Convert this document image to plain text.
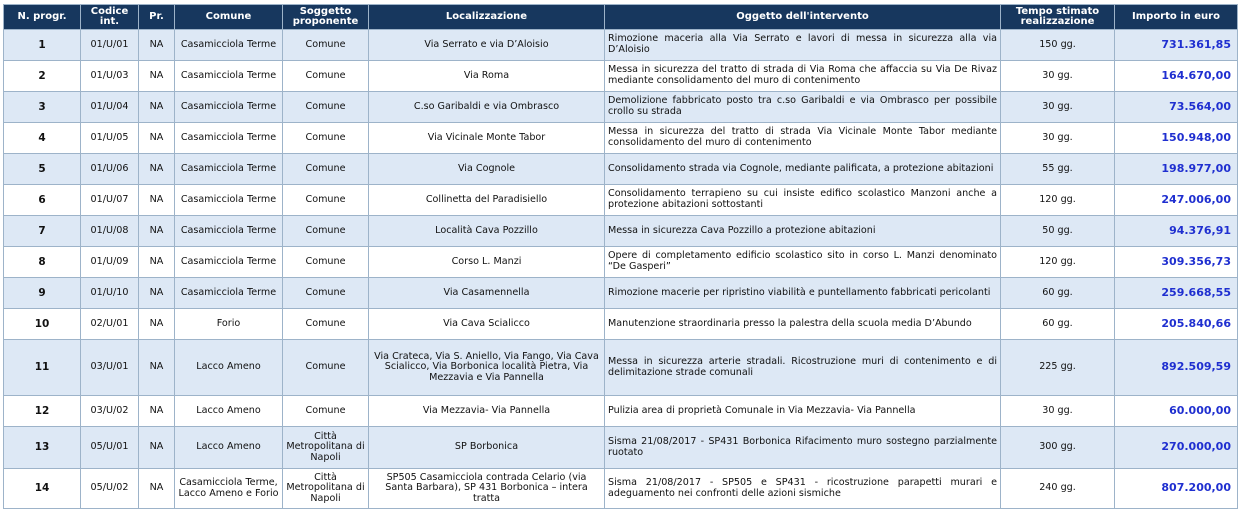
N. progr.	Codice int.	Pr.	Comune	Soggetto proponente	Localizzazione	Oggetto dell'intervento	Tempo stimato realizzazione	Importo in euro
1	01/U/01	NA	Casamicciola Terme	Comune	Via Serrato e via D’Aloisio	Rimozione maceria alla Via Serrato e lavori di messa in sicurezza alla via D’Aloisio	150 gg.	731.361,85
2	01/U/03	NA	Casamicciola Terme	Comune	Via Roma	Messa in sicurezza del tratto di strada di Via Roma che affaccia su Via De Rivaz mediante consolidamento del muro di contenimento	30 gg.	164.670,00
3	01/U/04	NA	Casamicciola Terme	Comune	C.so Garibaldi e via Ombrasco	Demolizione fabbricato posto tra c.so Garibaldi e via Ombrasco per possibile crollo su strada	30 gg.	73.564,00
4	01/U/05	NA	Casamicciola Terme	Comune	Via Vicinale Monte Tabor	Messa in sicurezza del tratto di strada Via Vicinale Monte Tabor mediante consolidamento del muro di contenimento	30 gg.	150.948,00
5	01/U/06	NA	Casamicciola Terme	Comune	Via Cognole	Consolidamento strada via Cognole, mediante palificata, a protezione abitazioni	55 gg.	198.977,00
6	01/U/07	NA	Casamicciola Terme	Comune	Collinetta del Paradisiello	Consolidamento terrapieno su cui insiste edifico scolastico Manzoni anche a protezione abitazioni sottostanti	120 gg.	247.006,00
7	01/U/08	NA	Casamicciola Terme	Comune	Località Cava Pozzillo	Messa in sicurezza Cava Pozzillo a protezione abitazioni	50 gg.	94.376,91
8	01/U/09	NA	Casamicciola Terme	Comune	Corso L. Manzi	Opere di completamento edificio scolastico sito in corso L. Manzi denominato “De Gasperi”	120 gg.	309.356,73
9	01/U/10	NA	Casamicciola Terme	Comune	Via Casamennella	Rimozione macerie per ripristino viabilità e puntellamento fabbricati pericolanti	60 gg.	259.668,55
10	02/U/01	NA	Forio	Comune	Via Cava Scialicco	Manutenzione straordinaria presso la palestra della scuola media D’Abundo	60 gg.	205.840,66
11	03/U/01	NA	Lacco Ameno	Comune	Via Crateca, Via S. Aniello, Via Fango, Via Cava Scialicco, Via Borbonica località Pietra, Via Mezzavia e Via Pannella	Messa in sicurezza arterie stradali. Ricostruzione muri di contenimento e di delimitazione strade comunali	225 gg.	892.509,59
12	03/U/02	NA	Lacco Ameno	Comune	Via Mezzavia- Via Pannella	Pulizia area di proprietà Comunale in Via Mezzavia- Via Pannella	30 gg.	60.000,00
13	05/U/01	NA	Lacco Ameno	Città Metropolitana di Napoli	SP Borbonica	Sisma 21/08/2017 - SP431 Borbonica Rifacimento muro sostegno parzialmente ruotato	300 gg.	270.000,00
14	05/U/02	NA	Casamicciola Terme, Lacco Ameno e Forio	Città Metropolitana di Napoli	SP505 Casamicciola contrada Celario (via Santa Barbara), SP 431 Borbonica – intera tratta	Sisma 21/08/2017 - SP505 e SP431 - ricostruzione parapetti murari e adeguamento nei confronti delle azioni sismiche	240 gg.	807.200,00
